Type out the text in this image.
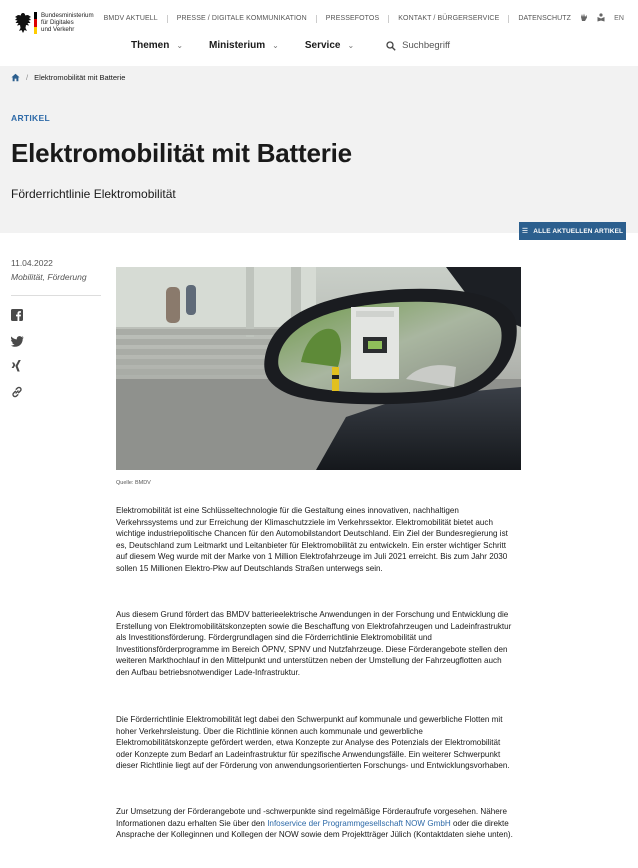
Bundesministerium
für Digitales
und Verkehr
BMDV AKTUELL	PRESSE / DIGITALE KOMMUNIKATION	PRESSEFOTOS	KONTAKT / BÜRGERSERVICE	DATENSCHUTZ	EN
Themen ⌄	Ministerium ⌄	Service ⌄	Suchbegriff
/ Elektromobilität mit Batterie
ARTIKEL
Elektromobilität mit Batterie
Förderrichtlinie Elektromobilität
☰ ALLE AKTUELLEN ARTIKEL
11.04.2022
Mobilität, Förderung
Quelle: BMDV

Elektromobilität ist eine Schlüsseltechnologie für die Gestaltung eines innovativen, nachhaltigen Verkehrssystems und zur Erreichung der Klimaschutzziele im Verkehrssektor. Elektromobilität bietet auch wichtige industriepolitische Chancen für den Automobilstandort Deutschland. Ein Ziel der Bundesregierung ist es, Deutschland zum Leitmarkt und Leitanbieter für Elektromobilität zu entwickeln. Ein erster wichtiger Schritt auf diesem Weg wurde mit der Marke von 1 Million Elektrofahrzeuge im Juli 2021 erreicht. Bis zum Jahr 2030 sollen 15 Millionen Elektro-Pkw auf Deutschlands Straßen unterwegs sein.

Aus diesem Grund fördert das BMDV batterieelektrische Anwendungen in der Forschung und Entwicklung die Erstellung von Elektromobilitätskonzepten sowie die Beschaffung von Elektrofahrzeugen und Ladeinfrastruktur als Investitionsförderung. Fördergrundlagen sind die Förderrichtlinie Elektromobilität und Investitionsförderprogramme im Bereich ÖPNV, SPNV und Nutzfahrzeuge. Diese Förderangebote stellen den weiteren Markthochlauf in den Mittelpunkt und unterstützen neben der Umstellung der Fahrzeugflotten auch den Aufbau betriebsnotwendiger Lade-Infrastruktur.

Die Förderrichtlinie Elektromobilität legt dabei den Schwerpunkt auf kommunale und gewerbliche Flotten mit hoher Verkehrsleistung. Über die Richtlinie können auch kommunale und gewerbliche Elektromobilitätskonzepte gefördert werden, etwa Konzepte zur Analyse des Potenzials der Elektromobilität oder Konzepte zum Bedarf an Ladeinfrastruktur für spezifische Anwendungsfälle. Ein weiterer Schwerpunkt dieser Richtlinie liegt auf der Förderung von anwendungsorientierten Forschungs- und Entwicklungsvorhaben.

Zur Umsetzung der Förderangebote und -schwerpunkte sind regelmäßige Förderaufrufe vorgesehen. Nähere Informationen dazu erhalten Sie über den Infoservice der Programmgesellschaft NOW GmbH oder die direkte Ansprache der Kolleginnen und Kollegen der NOW sowie dem Projektträger Jülich (Kontaktdaten siehe unten).
